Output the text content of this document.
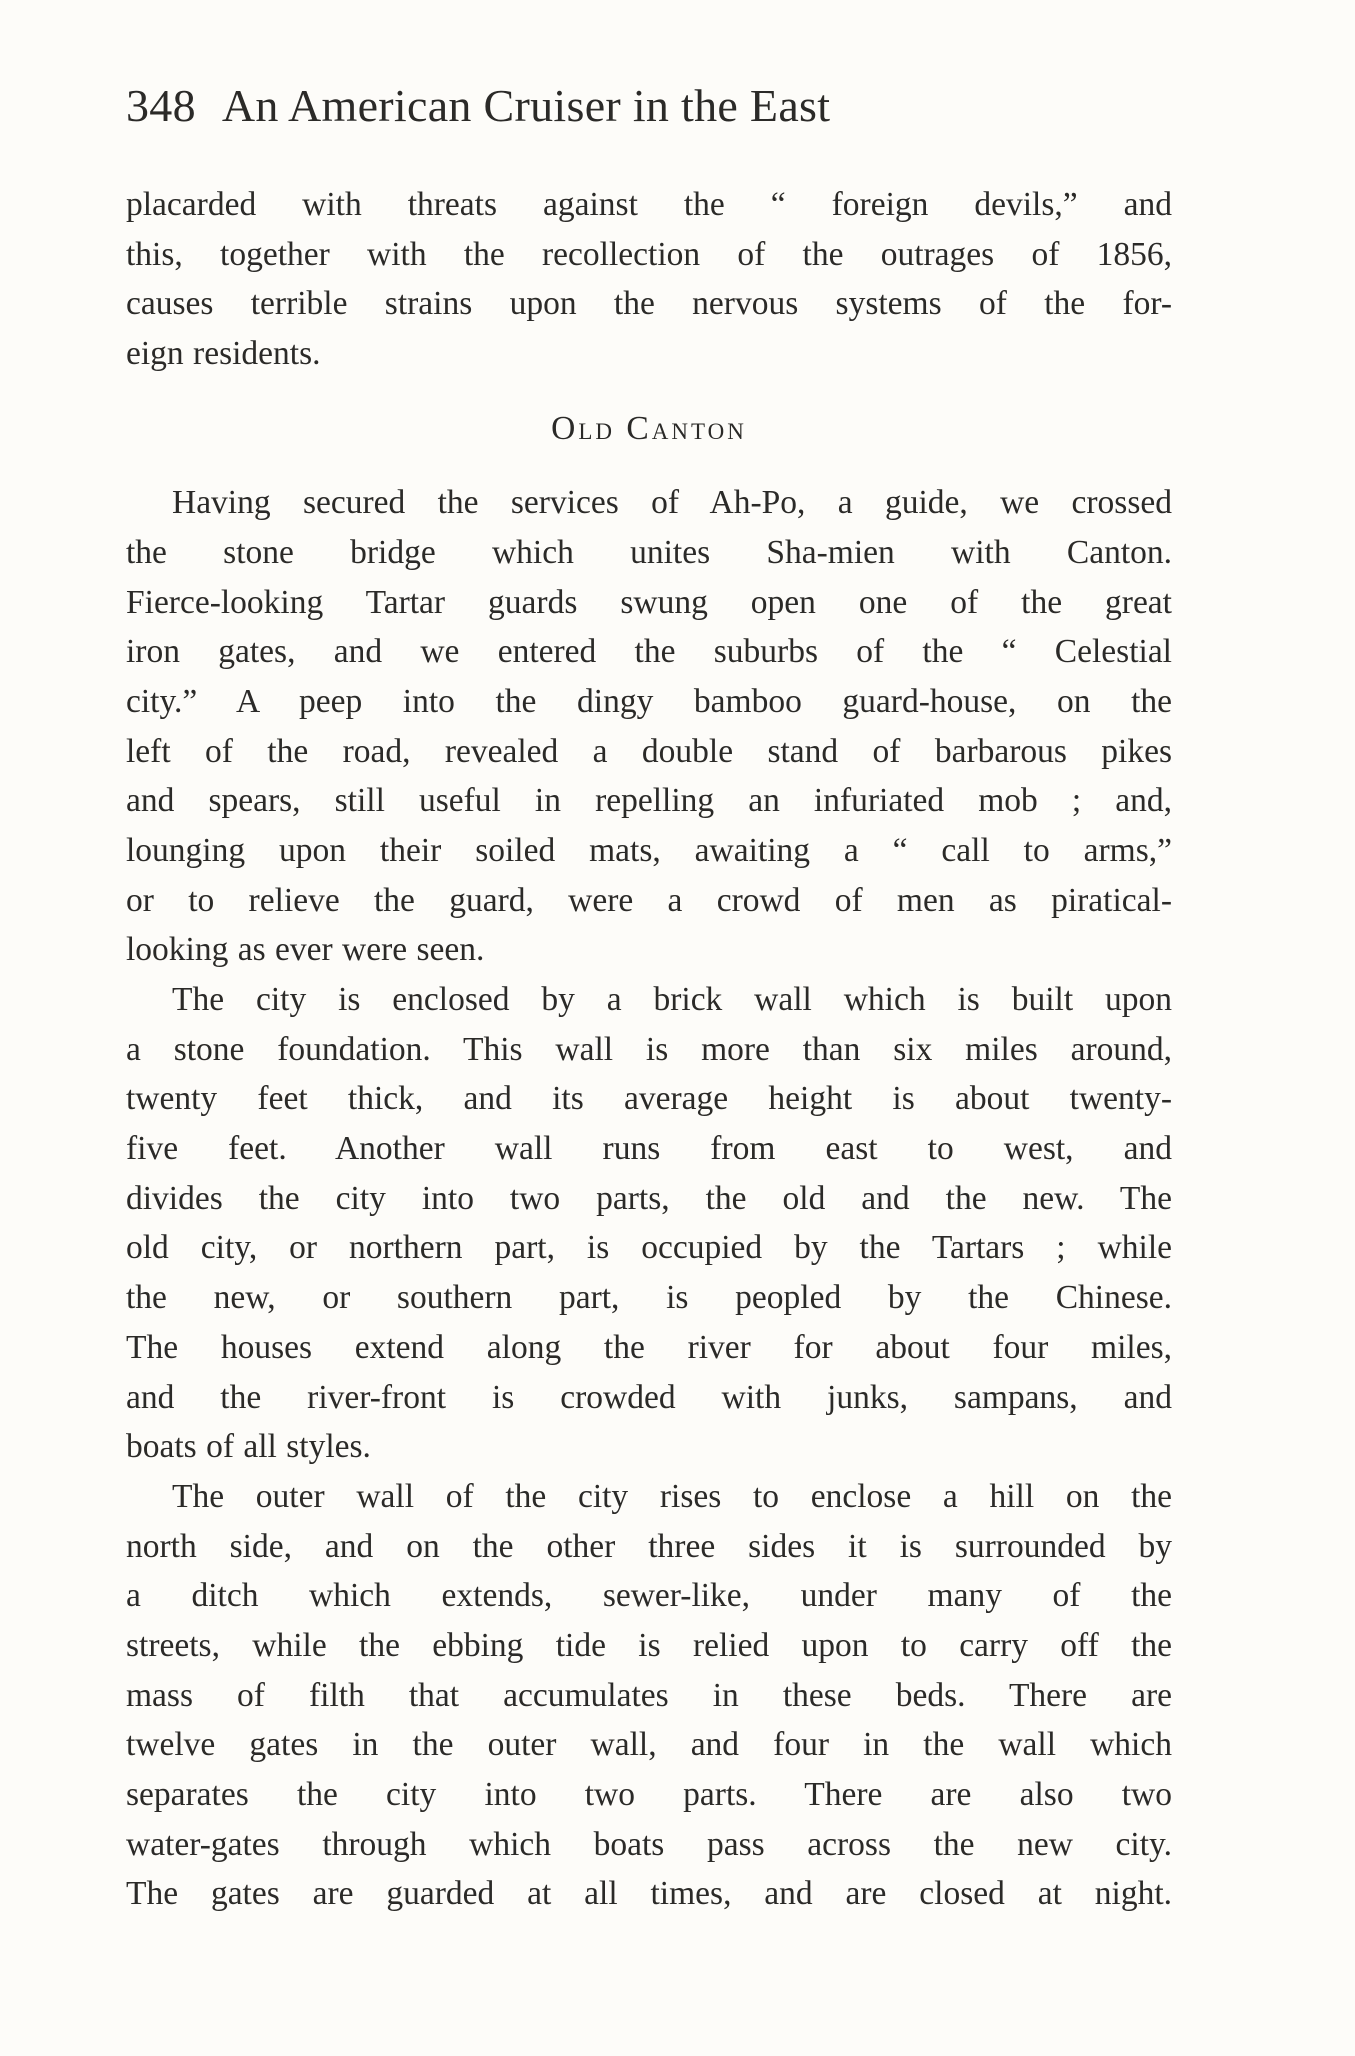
348 An American Cruiser in the East
placarded with threats against the “ foreign devils,” and
this, together with the recollection of the outrages of 1856,
causes terrible strains upon the nervous systems of the for-
eign residents.
Old Canton
Having secured the services of Ah-Po, a guide, we crossed
the stone bridge which unites Sha-mien with Canton.
Fierce-looking Tartar guards swung open one of the great
iron gates, and we entered the suburbs of the “ Celestial
city.” A peep into the dingy bamboo guard-house, on the
left of the road, revealed a double stand of barbarous pikes
and spears, still useful in repelling an infuriated mob ; and,
lounging upon their soiled mats, awaiting a “ call to arms,”
or to relieve the guard, were a crowd of men as piratical-
looking as ever were seen.
The city is enclosed by a brick wall which is built upon
a stone foundation. This wall is more than six miles around,
twenty feet thick, and its average height is about twenty-
five feet. Another wall runs from east to west, and
divides the city into two parts, the old and the new. The
old city, or northern part, is occupied by the Tartars ; while
the new, or southern part, is peopled by the Chinese.
The houses extend along the river for about four miles,
and the river-front is crowded with junks, sampans, and
boats of all styles.
The outer wall of the city rises to enclose a hill on the
north side, and on the other three sides it is surrounded by
a ditch which extends, sewer-like, under many of the
streets, while the ebbing tide is relied upon to carry off the
mass of filth that accumulates in these beds. There are
twelve gates in the outer wall, and four in the wall which
separates the city into two parts. There are also two
water-gates through which boats pass across the new city.
The gates are guarded at all times, and are closed at night.
